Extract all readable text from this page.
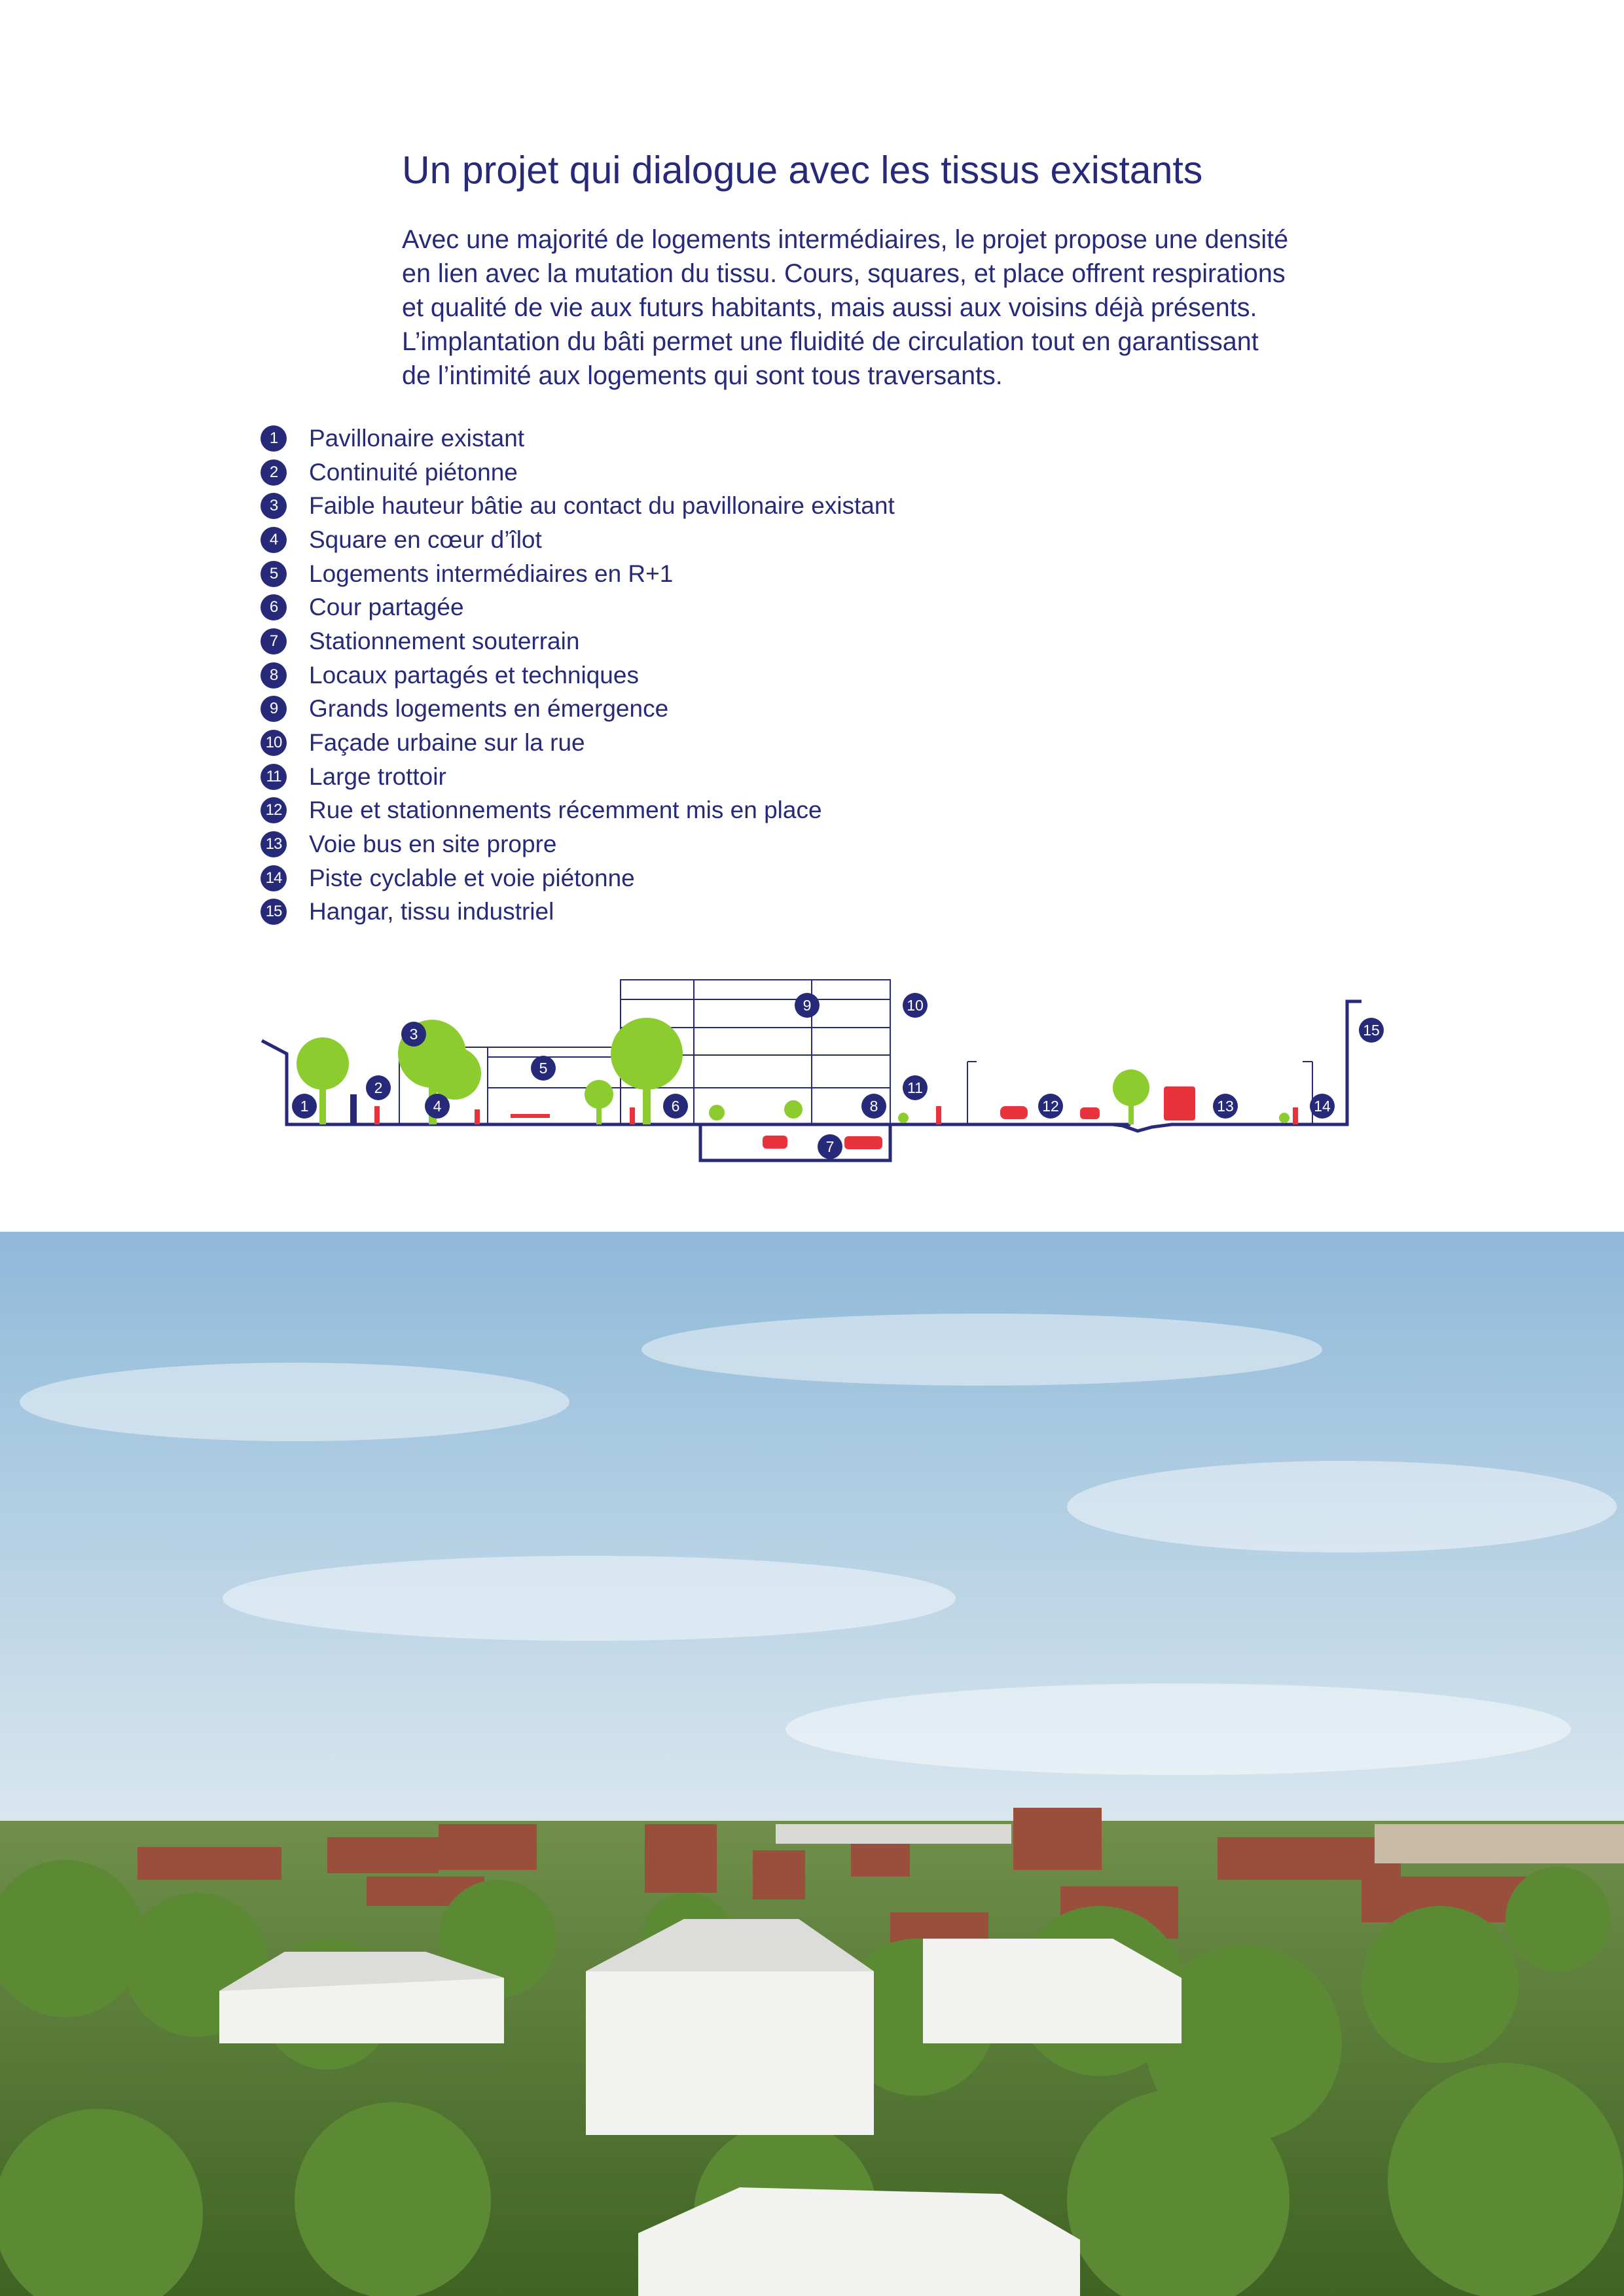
Un projet qui dialogue avec les tissus existants

Avec une majorité de logements intermédiaires, le projet propose une densité
en lien avec la mutation du tissu. Cours, squares, et place offrent respirations
et qualité de vie aux futurs habitants, mais aussi aux voisins déjà présents.
L’implantation du bâti permet une fluidité de circulation tout en garantissant
de l’intimité aux logements qui sont tous traversants.

1	Pavillonaire existant
2	Continuité piétonne
3	Faible hauteur bâtie au contact du pavillonaire existant
4	Square en cœur d’îlot
5	Logements intermédiaires en R+1
6	Cour partagée
7	Stationnement souterrain
8	Locaux partagés et techniques
9	Grands logements en émergence
10 Façade urbaine sur la rue
11 Large trottoir
12 Rue et stationnements récemment mis en place
13 Voie bus en site propre
14 Piste cyclable et voie piétonne
15 Hangar, tissu industriel
1
2
3
4
5
6
7
8
9	10
11
12	13	14
15
